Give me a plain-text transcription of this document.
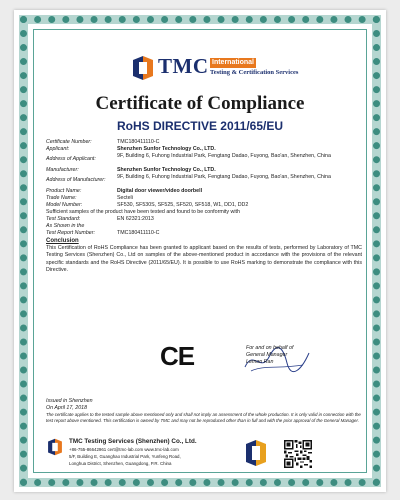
TMC International
Testing & Certification Services
Certificate of Compliance
RoHS DIRECTIVE 2011/65/EU
Certificate Number:	TMC180411110-C
Applicant:	Shenzhen Sunfor Technology Co., LTD.
Address of Applicant:	9F, Building 6, Fuhong Industrial Park, Fengtang Dadao, Fuyong, Bao'an, Shenzhen, China
Manufacturer:	Shenzhen Sunfor Technology Co., LTD.
Address of Manufacturer:	9F, Building 6, Fuhong Industrial Park, Fengtang Dadao, Fuyong, Bao'an, Shenzhen, China
Product Name:	Digital door viewer/video doorbell
Trade Name:	Secteli
Model Number:	SF530, SF530S, SF525, SF520, SF518, W1, DD1, DD2
Sufficient samples of the product have been tested and found to be conformity with
Test Standard:	EN 62321:2013
As Shown in the
Test Report Number:	TMC180411110-C
Conclusion
This Certification of RoHS Compliance has been granted to applicant based on the results of tests, performed by Laboratory of TMC Testing Services (Shenzhen) Co., Ltd on samples of the above-mentioned product in accordance with the provisions of the relevant specific standards and the RoHS Directive (2011/65/EU). It is possible to use RoHS marking to demonstrate the compliance with this Directive.
CE	For and on behalf of
General Manager
Lemon Ran
Issued in Shenzhen
On April 17, 2018
The certificate applies to the tested sample above mentioned only and shall not imply an assessment of the whole production. It is only valid in connection with the test report above mentioned. This certification is owned by TMC and may not be reproduced other than in full and with the prior approval of the General Manager.
TMC Testing Services (Shenzhen) Co., Ltd.
+86-755-86642961 cert@tmc-lab.com www.tmc-lab.com
5/F, Building E, Guanghao Industrial Park, Yunfeng Road,
Longhua District, Shenzhen, Guangdong, P.R. China
